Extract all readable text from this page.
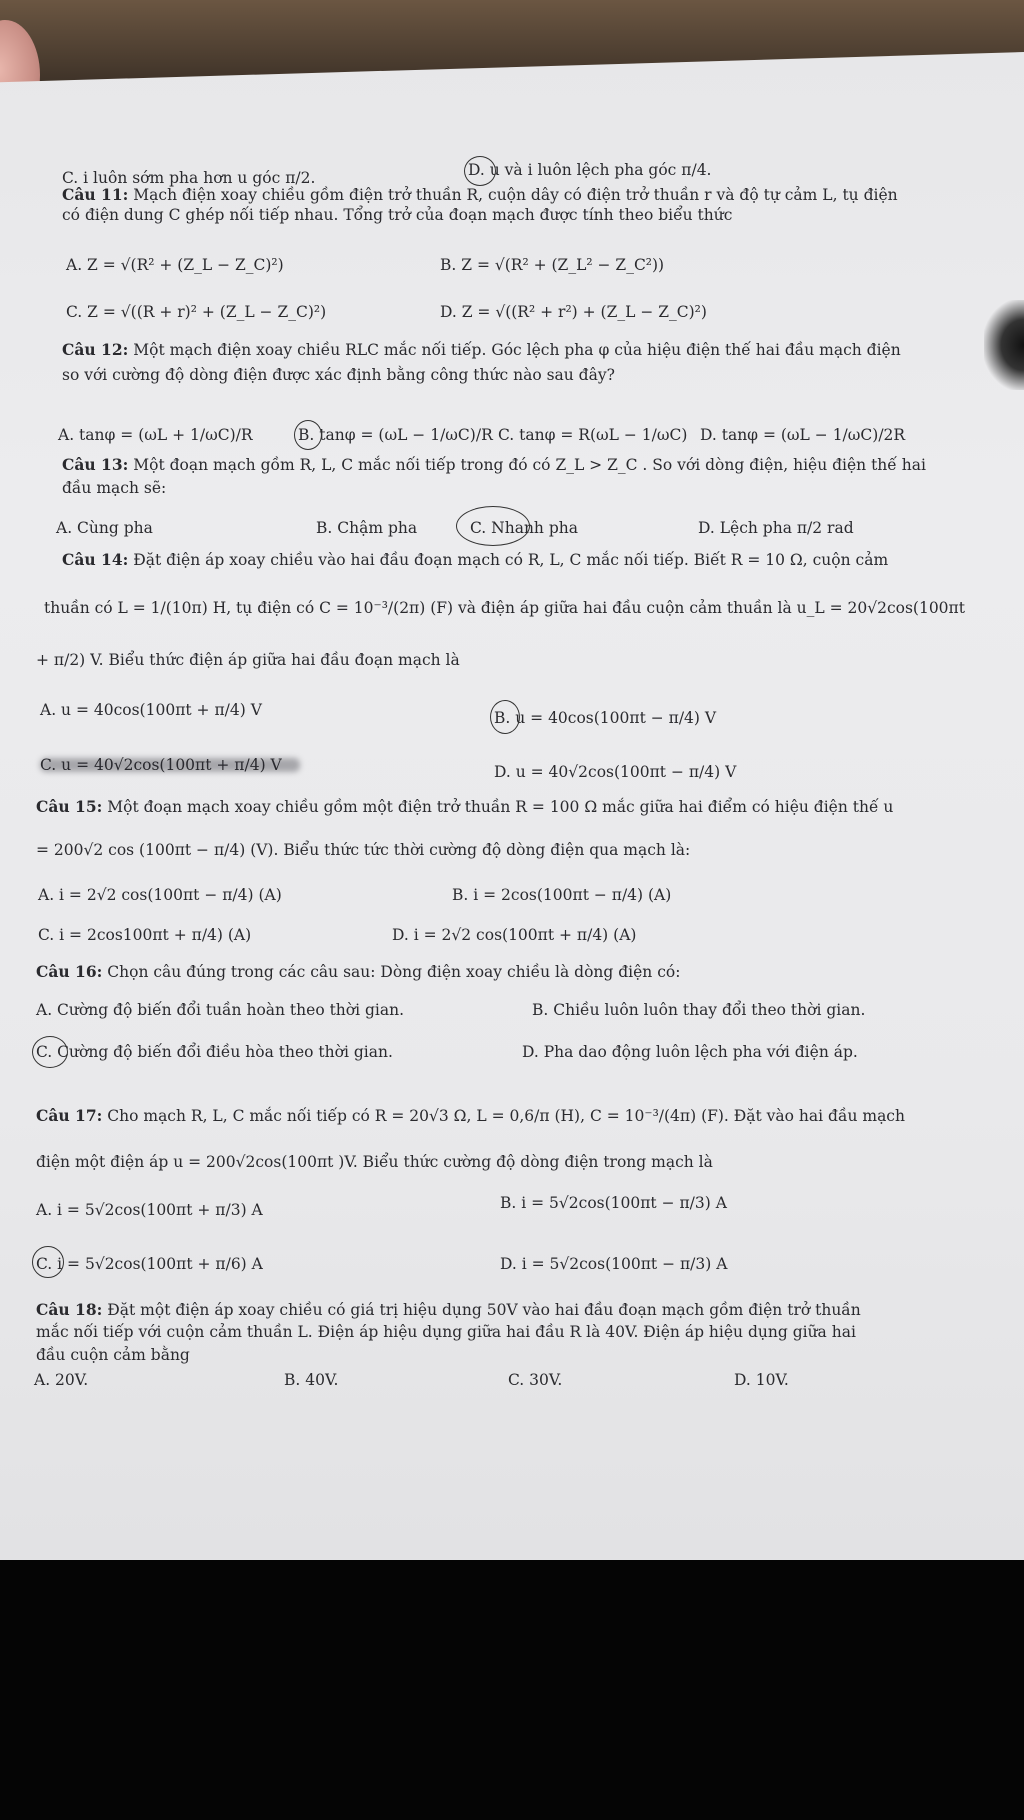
C. i luôn sớm pha hơn u góc π/2.	D. u và i luôn lệch pha góc π/4.
Câu 11: Mạch điện xoay chiều gồm điện trở thuần R, cuộn dây có điện trở thuần r và độ tự cảm L, tụ điện
có điện dung C ghép nối tiếp nhau. Tổng trở của đoạn mạch được tính theo biểu thức
A. Z = √(R² + (Z_L − Z_C)²)	B. Z = √(R² + (Z_L² − Z_C²))
C. Z = √((R + r)² + (Z_L − Z_C)²)	D. Z = √((R² + r²) + (Z_L − Z_C)²)
Câu 12: Một mạch điện xoay chiều RLC mắc nối tiếp. Góc lệch pha φ của hiệu điện thế hai đầu mạch điện
so với cường độ dòng điện được xác định bằng công thức nào sau đây?
A. tanφ = (ωL + 1/ωC)/R	B. tanφ = (ωL − 1/ωC)/R C. tanφ = R(ωL − 1/ωC) D. tanφ = (ωL − 1/ωC)/2R
Câu 13: Một đoạn mạch gồm R, L, C mắc nối tiếp trong đó có Z_L > Z_C . So với dòng điện, hiệu điện thế hai
đầu mạch sẽ:
A. Cùng pha	B. Chậm pha	C. Nhanh pha	D. Lệch pha π/2 rad
Câu 14: Đặt điện áp xoay chiều vào hai đầu đoạn mạch có R, L, C mắc nối tiếp. Biết R = 10 Ω, cuộn cảm
thuần có L = 1/(10π) H, tụ điện có C = 10⁻³/(2π) (F) và điện áp giữa hai đầu cuộn cảm thuần là u_L = 20√2cos(100πt
+ π/2) V. Biểu thức điện áp giữa hai đầu đoạn mạch là
A. u = 40cos(100πt + π/4) V	B. u = 40cos(100πt − π/4) V
C. u = 40√2cos(100πt + π/4) V	D. u = 40√2cos(100πt − π/4) V
Câu 15: Một đoạn mạch xoay chiều gồm một điện trở thuần R = 100 Ω mắc giữa hai điểm có hiệu điện thế u
= 200√2 cos (100πt − π/4) (V). Biểu thức tức thời cường độ dòng điện qua mạch là:
A. i = 2√2 cos(100πt − π/4) (A)	B. i = 2cos(100πt − π/4) (A)
C. i = 2cos100πt + π/4) (A)	D. i = 2√2 cos(100πt + π/4) (A)
Câu 16: Chọn câu đúng trong các câu sau: Dòng điện xoay chiều là dòng điện có:
A. Cường độ biến đổi tuần hoàn theo thời gian.	B. Chiều luôn luôn thay đổi theo thời gian.
C. Cường độ biến đổi điều hòa theo thời gian.	D. Pha dao động luôn lệch pha với điện áp.
Câu 17: Cho mạch R, L, C mắc nối tiếp có R = 20√3 Ω, L = 0,6/π (H), C = 10⁻³/(4π) (F). Đặt vào hai đầu mạch
điện một điện áp u = 200√2cos(100πt )V. Biểu thức cường độ dòng điện trong mạch là
A. i = 5√2cos(100πt + π/3) A	B. i = 5√2cos(100πt − π/3) A
C. i = 5√2cos(100πt + π/6) A	D. i = 5√2cos(100πt − π/3) A
Câu 18: Đặt một điện áp xoay chiều có giá trị hiệu dụng 50V vào hai đầu đoạn mạch gồm điện trở thuần
mắc nối tiếp với cuộn cảm thuần L. Điện áp hiệu dụng giữa hai đầu R là 40V. Điện áp hiệu dụng giữa hai
đầu cuộn cảm bằng
A. 20V.	B. 40V.	C. 30V.	D. 10V.
